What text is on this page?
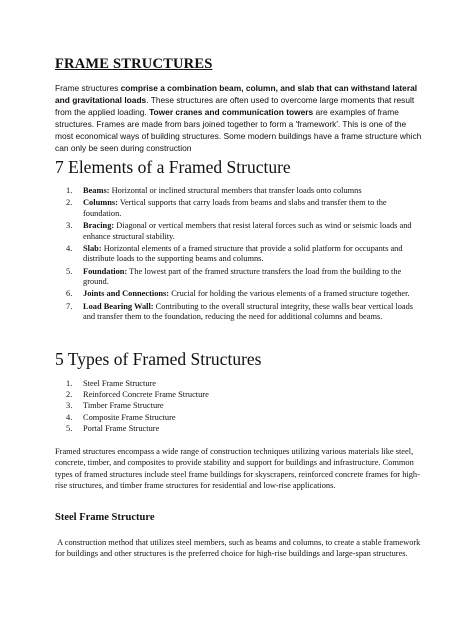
FRAME STRUCTURES
Frame structures comprise a combination beam, column, and slab that can withstand lateral and gravitational loads. These structures are often used to overcome large moments that result from the applied loading. Tower cranes and communication towers are examples of frame structures. Frames are made from bars joined together to form a 'framework'. This is one of the most economical ways of building structures. Some modern buildings have a frame structure which can only be seen during construction
7 Elements of a Framed Structure
1. Beams: Horizontal or inclined structural members that transfer loads onto columns
2. Columns: Vertical supports that carry loads from beams and slabs and transfer them to the foundation.
3. Bracing: Diagonal or vertical members that resist lateral forces such as wind or seismic loads and enhance structural stability.
4. Slab: Horizontal elements of a framed structure that provide a solid platform for occupants and distribute loads to the supporting beams and columns.
5. Foundation: The lowest part of the framed structure transfers the load from the building to the ground.
6. Joints and Connections: Crucial for holding the various elements of a framed structure together.
7. Load Bearing Wall: Contributing to the overall structural integrity, these walls bear vertical loads and transfer them to the foundation, reducing the need for additional columns and beams.
5 Types of Framed Structures
1. Steel Frame Structure
2. Reinforced Concrete Frame Structure
3. Timber Frame Structure
4. Composite Frame Structure
5. Portal Frame Structure
Framed structures encompass a wide range of construction techniques utilizing various materials like steel, concrete, timber, and composites to provide stability and support for buildings and infrastructure. Common types of framed structures include steel frame buildings for skyscrapers, reinforced concrete frames for high-rise structures, and timber frame structures for residential and low-rise applications.
Steel Frame Structure
A construction method that utilizes steel members, such as beams and columns, to create a stable framework for buildings and other structures is the preferred choice for high-rise buildings and large-span structures.
